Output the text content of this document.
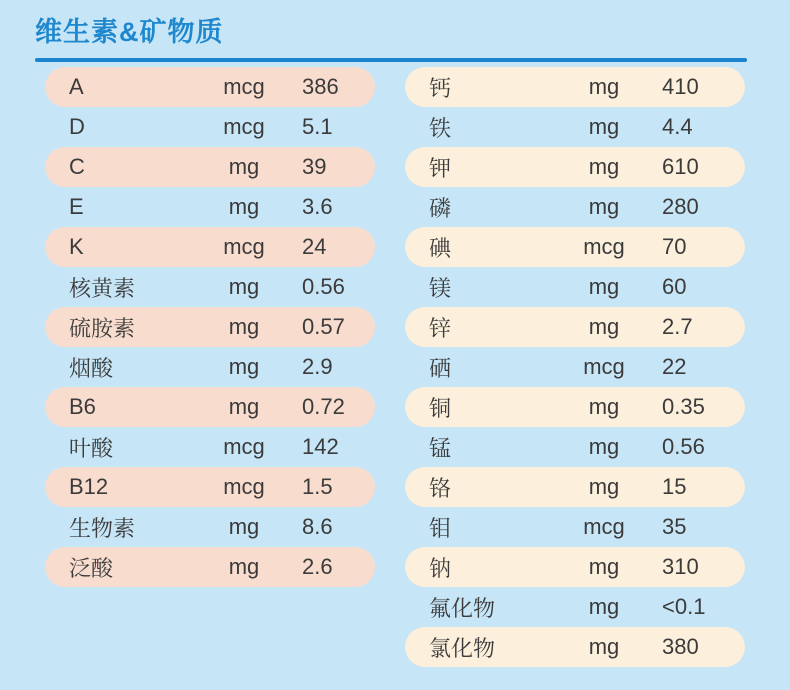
维生素&矿物质
A	mcg	386
D	mcg	5.1
C	mg	39
E	mg	3.6
K	mcg	24
核黄素	mg	0.56
硫胺素	mg	0.57
烟酸	mg	2.9
B6	mg	0.72
叶酸	mcg	142
B12	mcg	1.5
生物素	mg	8.6
泛酸	mg	2.6
钙	mg	410
铁	mg	4.4
钾	mg	610
磷	mg	280
碘	mcg	70
镁	mg	60
锌	mg	2.7
硒	mcg	22
铜	mg	0.35
锰	mg	0.56
铬	mg	15
钼	mcg	35
钠	mg	310
氟化物	mg	<0.1
氯化物	mg	380
